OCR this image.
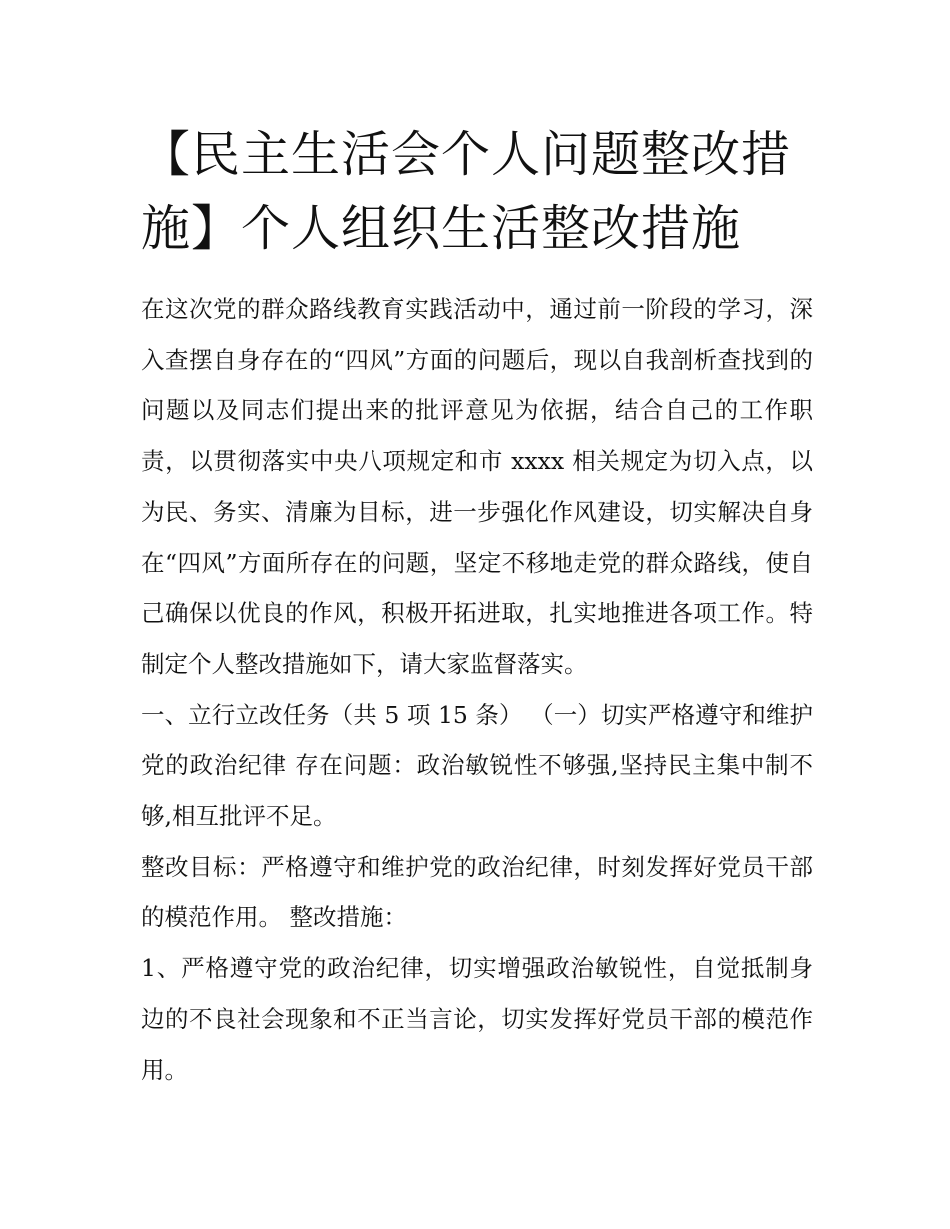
【民主生活会个人问题整改措施】个人组织生活整改措施

在这次党的群众路线教育实践活动中，通过前一阶段的学习，深入查摆自身存在的“四风”方面的问题后，现以自我剖析查找到的问题以及同志们提出来的批评意见为依据，结合自己的工作职责，以贯彻落实中央八项规定和市 xxxx 相关规定为切入点，以为民、务实、清廉为目标，进一步强化作风建设，切实解决自身在“四风”方面所存在的问题，坚定不移地走党的群众路线，使自己确保以优良的作风，积极开拓进取，扎实地推进各项工作。特制定个人整改措施如下，请大家监督落实。

一、立行立改任务（共 5 项 15 条） （一）切实严格遵守和维护党的政治纪律 存在问题：政治敏锐性不够强,坚持民主集中制不够,相互批评不足。

整改目标：严格遵守和维护党的政治纪律，时刻发挥好党员干部的模范作用。 整改措施：

1、严格遵守党的政治纪律，切实增强政治敏锐性，自觉抵制身边的不良社会现象和不正当言论，切实发挥好党员干部的模范作用。
